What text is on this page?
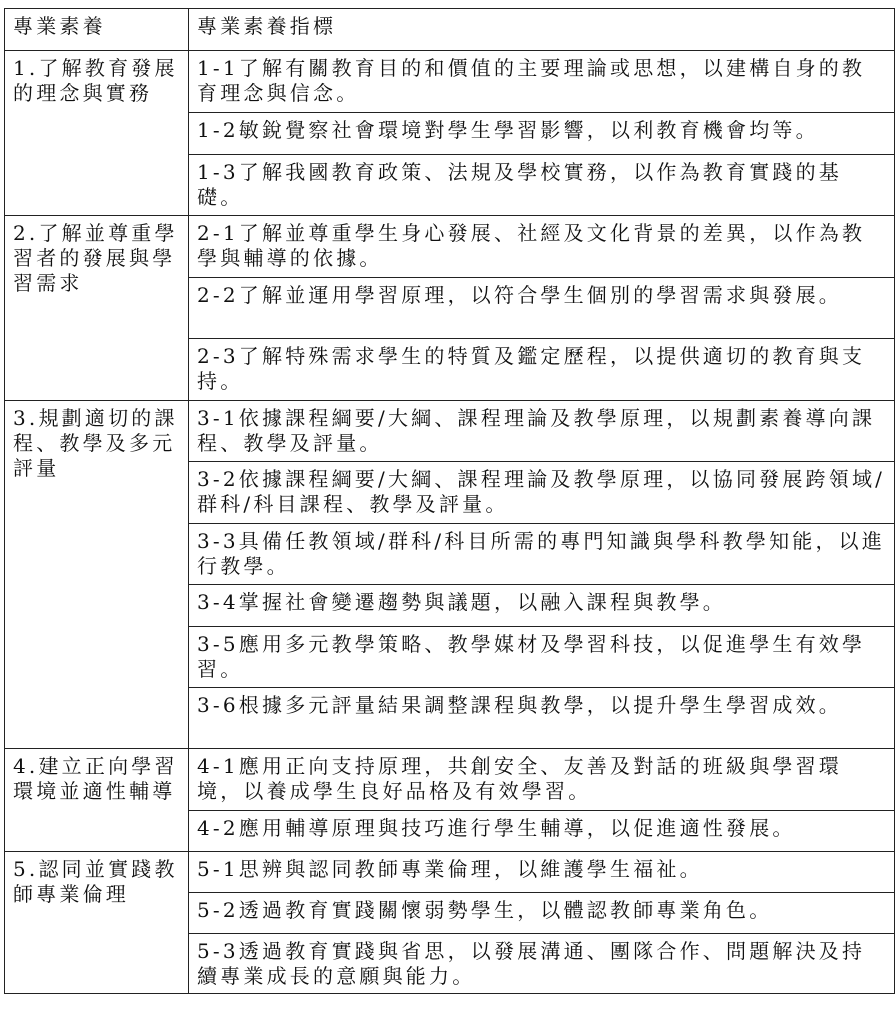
專業素養	專業素養指標
1.了解教育發展的理念與實務	1-1了解有關教育目的和價值的主要理論或思想，以建構自身的教育理念與信念。
	1-2敏銳覺察社會環境對學生學習影響，以利教育機會均等。
	1-3了解我國教育政策、法規及學校實務，以作為教育實踐的基礎。
2.了解並尊重學習者的發展與學習需求	2-1了解並尊重學生身心發展、社經及文化背景的差異，以作為教學與輔導的依據。
	2-2了解並運用學習原理，以符合學生個別的學習需求與發展。
	2-3了解特殊需求學生的特質及鑑定歷程，以提供適切的教育與支持。
3.規劃適切的課程、教學及多元評量	3-1依據課程綱要/大綱、課程理論及教學原理，以規劃素養導向課程、教學及評量。
	3-2依據課程綱要/大綱、課程理論及教學原理，以協同發展跨領域/群科/科目課程、教學及評量。
	3-3具備任教領域/群科/科目所需的專門知識與學科教學知能，以進行教學。
	3-4掌握社會變遷趨勢與議題，以融入課程與教學。
	3-5應用多元教學策略、教學媒材及學習科技，以促進學生有效學習。
	3-6根據多元評量結果調整課程與教學，以提升學生學習成效。
4.建立正向學習環境並適性輔導	4-1應用正向支持原理，共創安全、友善及對話的班級與學習環境，以養成學生良好品格及有效學習。
	4-2應用輔導原理與技巧進行學生輔導，以促進適性發展。
5.認同並實踐教師專業倫理	5-1思辨與認同教師專業倫理，以維護學生福祉。
	5-2透過教育實踐關懷弱勢學生，以體認教師專業角色。
	5-3透過教育實踐與省思，以發展溝通、團隊合作、問題解決及持續專業成長的意願與能力。
